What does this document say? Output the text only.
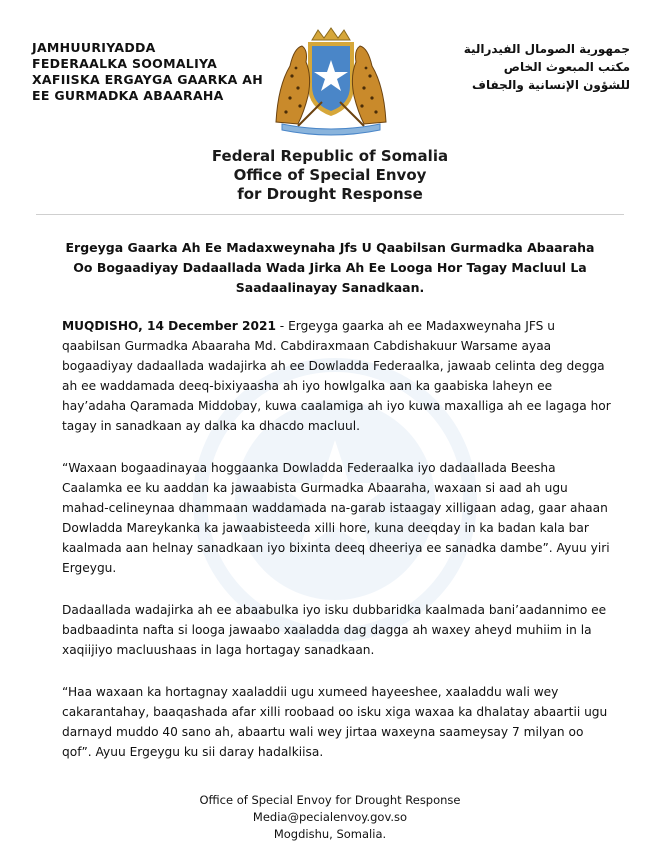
JAMHUURIYADDA
FEDERAALKA SOOMALIYA
XAFIISKA ERGAYGA GAARKA AH
EE GURMADKA ABAARAHA
جمهورية الصومال الفيدرالية
مكتب المبعوث الخاص
للشؤون الإنسانية والجفاف
Federal Republic of Somalia
Office of Special Envoy
for Drought Response
Ergeyga Gaarka Ah Ee Madaxweynaha Jfs U Qaabilsan Gurmadka Abaaraha
Oo Bogaadiyay Dadaallada Wada Jirka Ah Ee Looga Hor Tagay Macluul La
Saadaalinayay Sanadkaan.

MUQDISHO, 14 December 2021 - Ergeyga gaarka ah ee Madaxweynaha JFS u qaabilsan Gurmadka Abaaraha Md. Cabdiraxmaan Cabdishakuur Warsame ayaa bogaadiyay dadaallada wadajirka ah ee Dowladda Federaalka, jawaab celinta deg degga ah ee waddamada deeq-bixiyaasha ah iyo howlgalka aan ka gaabiska laheyn ee hay’adaha Qaramada Middobay, kuwa caalamiga ah iyo kuwa maxalliga ah ee lagaga hor tagay in sanadkaan ay dalka ka dhacdo macluul.

“Waxaan bogaadinayaa hoggaanka Dowladda Federaalka iyo dadaallada Beesha Caalamka ee ku aaddan ka jawaabista Gurmadka Abaaraha, waxaan si aad ah ugu mahad-celineynaa dhammaan waddamada na-garab istaagay xilligaan adag, gaar ahaan Dowladda Mareykanka ka jawaabisteeda xilli hore, kuna deeqday in ka badan kala bar kaalmada aan helnay sanadkaan iyo bixinta deeq dheeriya ee sanadka dambe”. Ayuu yiri Ergeygu.

Dadaallada wadajirka ah ee abaabulka iyo isku dubbaridka kaalmada bani’aadannimo ee badbaadinta nafta si looga jawaabo xaaladda dag dagga ah waxey aheyd muhiim in la xaqiijiyo macluushaas in laga hortagay sanadkaan.

“Haa waxaan ka hortagnay xaaladdii ugu xumeed hayeeshee, xaaladdu wali wey cakarantahay, baaqashada afar xilli roobaad oo isku xiga waxaa ka dhalatay abaartii ugu darnayd muddo 40 sano ah, abaartu wali wey jirtaa waxeyna saameysay 7 milyan oo qof”. Ayuu Ergeygu ku sii daray hadalkiisa.

Office of Special Envoy for Drought Response
Media@pecialenvoy.gov.so
Mogdishu, Somalia.
